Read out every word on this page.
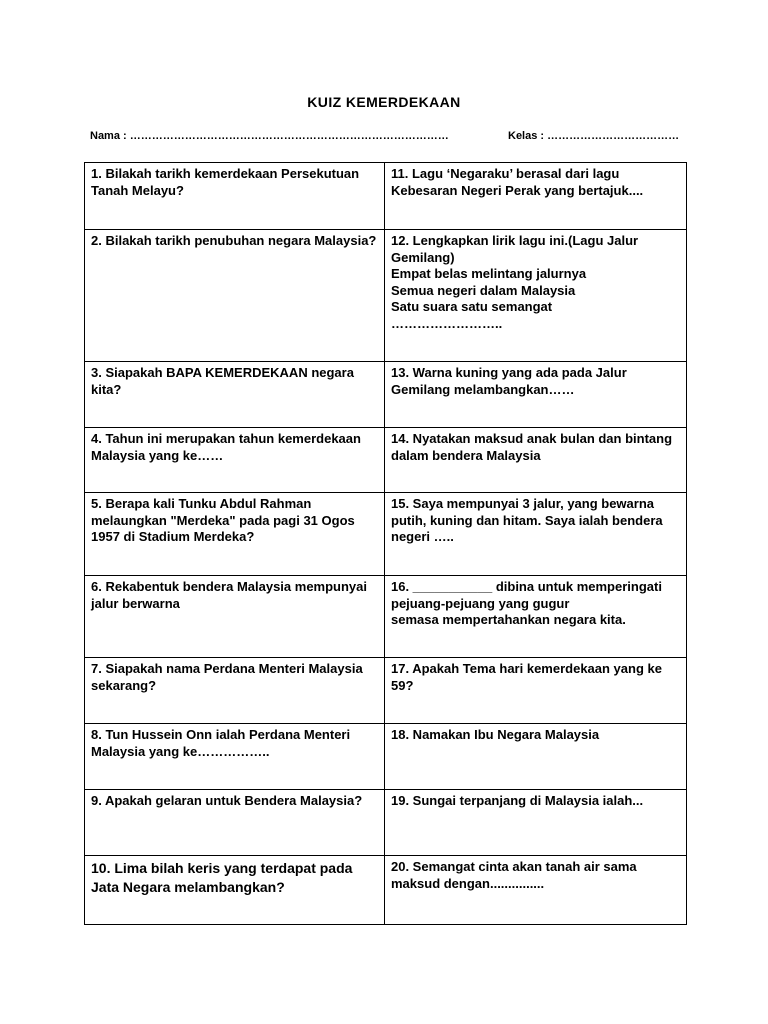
KUIZ KEMERDEKAAN
Nama : ……………………………………………………………………………	Kelas : ………………………………
1. Bilakah tarikh kemerdekaan Persekutuan Tanah Melayu?	11. Lagu ‘Negaraku’ berasal dari lagu Kebesaran Negeri Perak yang bertajuk....
2. Bilakah tarikh penubuhan negara Malaysia?	12. Lengkapkan lirik lagu ini.(Lagu Jalur Gemilang)
Empat belas melintang jalurnya
Semua negeri dalam Malaysia
Satu suara satu semangat
……………………..
3. Siapakah BAPA KEMERDEKAAN negara kita?	13. Warna kuning yang ada pada Jalur Gemilang melambangkan……
4. Tahun ini merupakan tahun kemerdekaan Malaysia yang ke……	14. Nyatakan maksud anak bulan dan bintang dalam bendera Malaysia
5. Berapa kali Tunku Abdul Rahman melaungkan "Merdeka" pada pagi 31 Ogos 1957 di Stadium Merdeka?	15. Saya mempunyai 3 jalur, yang bewarna putih, kuning dan hitam. Saya ialah bendera negeri …..
6. Rekabentuk bendera Malaysia mempunyai jalur berwarna	16. ___________ dibina untuk memperingati pejuang-pejuang yang gugur
semasa mempertahankan negara kita.
7. Siapakah nama Perdana Menteri Malaysia sekarang?	17. Apakah Tema hari kemerdekaan yang ke 59?
8. Tun Hussein Onn ialah Perdana Menteri Malaysia yang ke……………..	18. Namakan Ibu Negara Malaysia
9. Apakah gelaran untuk Bendera Malaysia?	19. Sungai terpanjang di Malaysia ialah...
10. Lima bilah keris yang terdapat pada Jata Negara melambangkan?	20. Semangat cinta akan tanah air sama maksud dengan...............
